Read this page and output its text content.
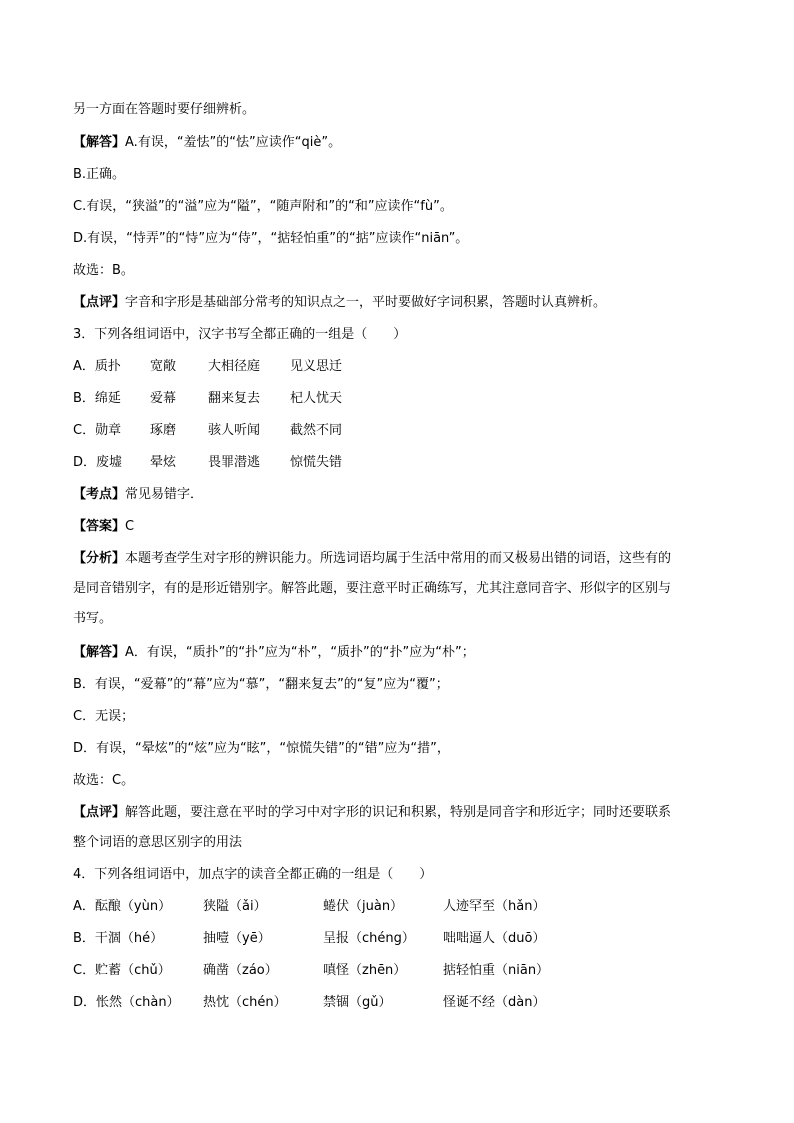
另一方面在答题时要仔细辨析。
【解答】A.有误，“羞怯”的“怯”应读作“qiè”。
B.正确。
C.有误，“狭溢”的“溢”应为“隘”，“随声附和”的“和”应读作“fù”。
D.有误，“恃弄”的“恃”应为“侍”，“掂轻怕重”的“掂”应读作“niān”。
故选：B。
【点评】字音和字形是基础部分常考的知识点之一，平时要做好字词积累，答题时认真辨析。
3．下列各组词语中，汉字书写全都正确的一组是（　　）
A．质扑 宽敞 大相径庭 见义思迁
B．绵延 爱幕 翻来复去 杞人忧天
C．勋章 琢磨 骇人听闻 截然不同
D．废墟 晕炫 畏罪潜逃 惊慌失错
【考点】常见易错字．
【答案】C
【分析】本题考查学生对字形的辨识能力。所选词语均属于生活中常用的而又极易出错的词语，这些有的
是同音错别字，有的是形近错别字。解答此题，要注意平时正确练写，尤其注意同音字、形似字的区别与
书写。
【解答】A．有误，“质扑”的“扑”应为“朴”，“质扑”的“扑”应为“朴”；
B．有误，“爱幕”的“幕”应为“慕”，“翻来复去”的“复”应为“覆”；
C．无误；
D．有误，“晕炫”的“炫”应为“眩”，“惊慌失错”的“错”应为“措”，
故选：C。
【点评】解答此题，要注意在平时的学习中对字形的识记和积累，特别是同音字和形近字；同时还要联系
整个词语的意思区别字的用法
4．下列各组词语中，加点字的读音全都正确的一组是（　　）
A．酝酿（yùn） 狭隘（ǎi）	蜷伏（juàn）	人迹罕至（hǎn）
B．干涸（hé）	抽噎（yē）	呈报（chéng） 咄咄逼人（duō）
C．贮蓄（chǔ） 确凿（záo）	嗔怪（zhēn）	掂轻怕重（niān）
D．怅然（chàn） 热忱（chén）	禁锢（gǔ）	怪诞不经（dàn）
